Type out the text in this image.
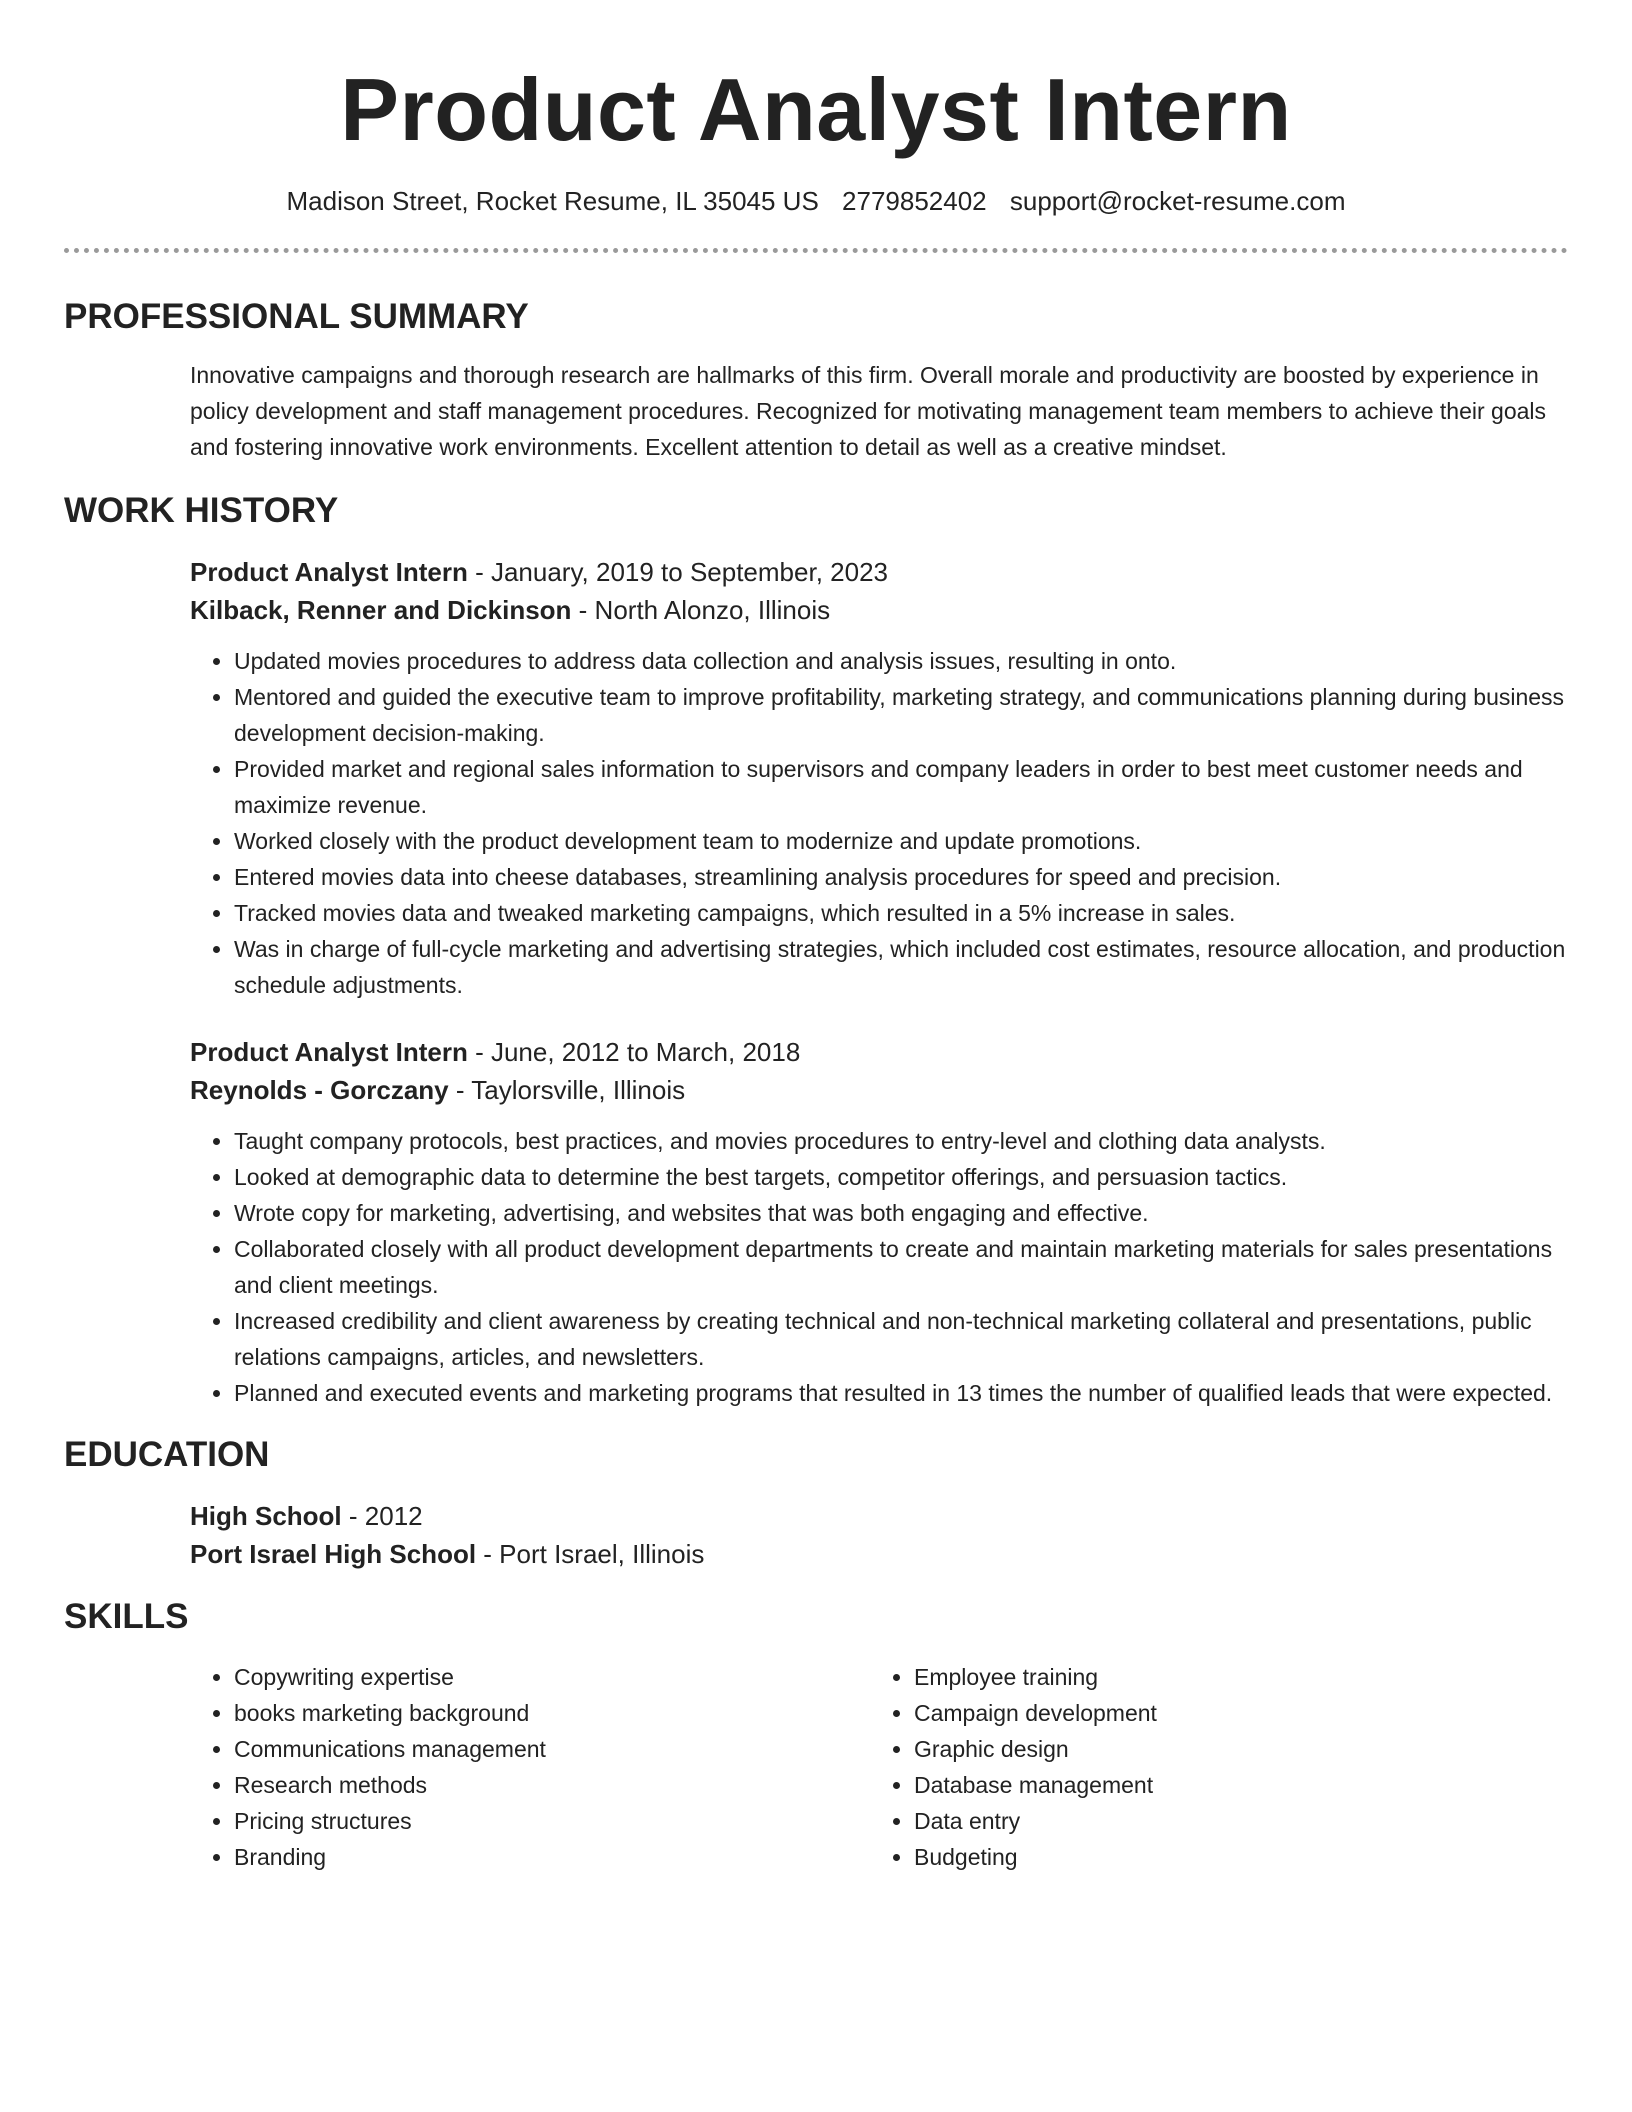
Product Analyst Intern
Madison Street, Rocket Resume, IL 35045 US 2779852402 support@rocket-resume.com
PROFESSIONAL SUMMARY
Innovative campaigns and thorough research are hallmarks of this firm. Overall morale and productivity are boosted by experience in policy development and staff management procedures. Recognized for motivating management team members to achieve their goals and fostering innovative work environments. Excellent attention to detail as well as a creative mindset.
WORK HISTORY
Product Analyst Intern - January, 2019 to September, 2023
Kilback, Renner and Dickinson - North Alonzo, Illinois
• Updated movies procedures to address data collection and analysis issues, resulting in onto.
• Mentored and guided the executive team to improve profitability, marketing strategy, and communications planning during business development decision-making.
• Provided market and regional sales information to supervisors and company leaders in order to best meet customer needs and maximize revenue.
• Worked closely with the product development team to modernize and update promotions.
• Entered movies data into cheese databases, streamlining analysis procedures for speed and precision.
• Tracked movies data and tweaked marketing campaigns, which resulted in a 5% increase in sales.
• Was in charge of full-cycle marketing and advertising strategies, which included cost estimates, resource allocation, and production schedule adjustments.
Product Analyst Intern - June, 2012 to March, 2018
Reynolds - Gorczany - Taylorsville, Illinois
• Taught company protocols, best practices, and movies procedures to entry-level and clothing data analysts.
• Looked at demographic data to determine the best targets, competitor offerings, and persuasion tactics.
• Wrote copy for marketing, advertising, and websites that was both engaging and effective.
• Collaborated closely with all product development departments to create and maintain marketing materials for sales presentations and client meetings.
• Increased credibility and client awareness by creating technical and non-technical marketing collateral and presentations, public relations campaigns, articles, and newsletters.
• Planned and executed events and marketing programs that resulted in 13 times the number of qualified leads that were expected.
EDUCATION
High School - 2012
Port Israel High School - Port Israel, Illinois
SKILLS
• Copywriting expertise
• books marketing background
• Communications management
• Research methods
• Pricing structures
• Branding
• Employee training
• Campaign development
• Graphic design
• Database management
• Data entry
• Budgeting
